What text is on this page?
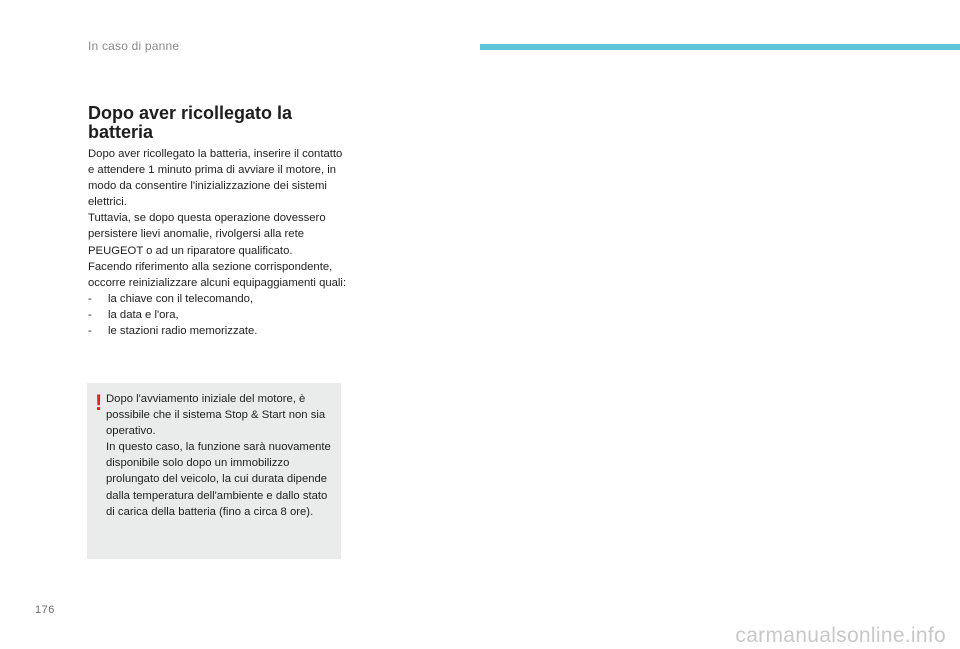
In caso di panne
Dopo aver ricollegato la
batteria

Dopo aver ricollegato la batteria, inserire il contatto e attendere 1 minuto prima di avviare il motore, in modo da consentire l'inizializzazione dei sistemi elettrici.

Tuttavia, se dopo questa operazione dovessero persistere lievi anomalie, rivolgersi alla rete PEUGEOT o ad un riparatore qualificato.

Facendo riferimento alla sezione corrispondente, occorre reinizializzare alcuni equipaggiamenti quali:

-	la chiave con il telecomando,
-	la data e l'ora,
-	le stazioni radio memorizzate.
! Dopo l'avviamento iniziale del motore, è possibile che il sistema Stop & Start non sia operativo.

In questo caso, la funzione sarà nuovamente disponibile solo dopo un immobilizzo prolungato del veicolo, la cui durata dipende dalla temperatura dell'ambiente e dallo stato di carica della batteria (fino a circa 8 ore).

176
carmanualsonline.info
